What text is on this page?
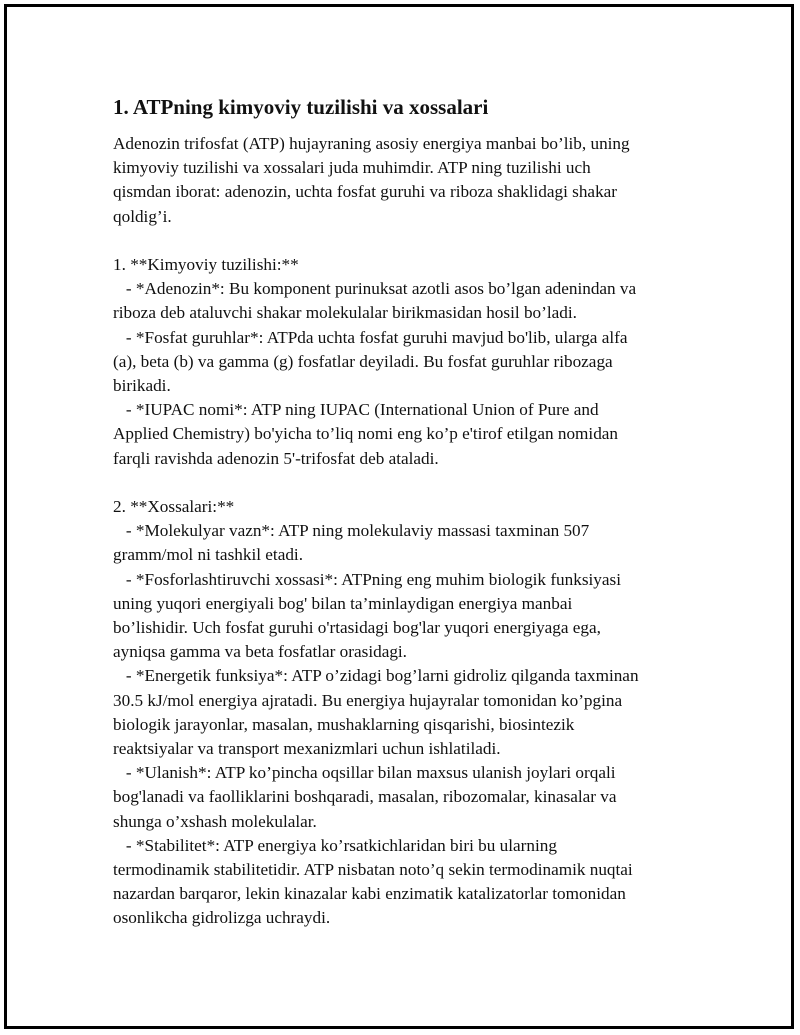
1. ATPning kimyoviy tuzilishi va xossalari
Adenozin trifosfat (ATP) hujayraning asosiy energiya manbai bo’lib, uning
kimyoviy tuzilishi va xossalari juda muhimdir. ATP ning tuzilishi uch
qismdan iborat: adenozin, uchta fosfat guruhi va riboza shaklidagi shakar
qoldig’i.
1. **Kimyoviy tuzilishi:**
- *Adenozin*: Bu komponent purinuksat azotli asos bo’lgan adenindan va
riboza deb ataluvchi shakar molekulalar birikmasidan hosil bo’ladi.
- *Fosfat guruhlar*: ATPda uchta fosfat guruhi mavjud bo'lib, ularga alfa
(a), beta (b) va gamma (g) fosfatlar deyiladi. Bu fosfat guruhlar ribozaga
birikadi.
- *IUPAC nomi*: ATP ning IUPAC (International Union of Pure and
Applied Chemistry) bo'yicha to’liq nomi eng ko’p e'tirof etilgan nomidan
farqli ravishda adenozin 5'-trifosfat deb ataladi.
2. **Xossalari:**
- *Molekulyar vazn*: ATP ning molekulaviy massasi taxminan 507
gramm/mol ni tashkil etadi.
- *Fosforlashtiruvchi xossasi*: ATPning eng muhim biologik funksiyasi
uning yuqori energiyali bog' bilan ta’minlaydigan energiya manbai
bo’lishidir. Uch fosfat guruhi o'rtasidagi bog'lar yuqori energiyaga ega,
ayniqsa gamma va beta fosfatlar orasidagi.
- *Energetik funksiya*: ATP o’zidagi bog’larni gidroliz qilganda taxminan
30.5 kJ/mol energiya ajratadi. Bu energiya hujayralar tomonidan ko’pgina
biologik jarayonlar, masalan, mushaklarning qisqarishi, biosintezik
reaktsiyalar va transport mexanizmlari uchun ishlatiladi.
- *Ulanish*: ATP ko’pincha oqsillar bilan maxsus ulanish joylari orqali
bog'lanadi va faolliklarini boshqaradi, masalan, ribozomalar, kinasalar va
shunga o’xshash molekulalar.
- *Stabilitet*: ATP energiya ko’rsatkichlaridan biri bu ularning
termodinamik stabilitetidir. ATP nisbatan noto’q sekin termodinamik nuqtai
nazardan barqaror, lekin kinazalar kabi enzimatik katalizatorlar tomonidan
osonlikcha gidrolizga uchraydi.
